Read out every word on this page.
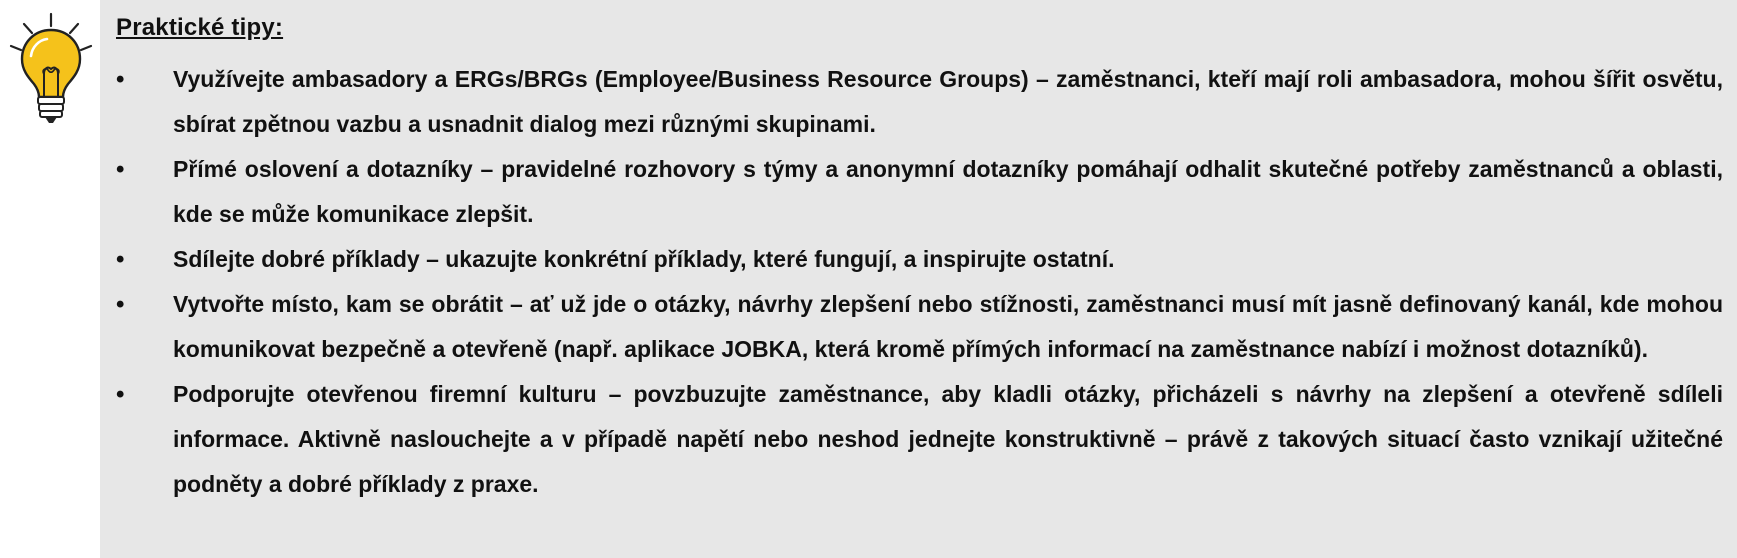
Praktické tipy:
•	Využívejte ambasadory a ERGs/BRGs (Employee/Business Resource Groups) – zaměstnanci, kteří mají roli ambasadora, mohou šířit osvětu, sbírat zpětnou vazbu a usnadnit dialog mezi různými skupinami.
•	Přímé oslovení a dotazníky – pravidelné rozhovory s týmy a anonymní dotazníky pomáhají odhalit skutečné potřeby zaměstnanců a oblasti, kde se může komunikace zlepšit.
•	Sdílejte dobré příklady – ukazujte konkrétní příklady, které fungují, a inspirujte ostatní.
•	Vytvořte místo, kam se obrátit – ať už jde o otázky, návrhy zlepšení nebo stížnosti, zaměstnanci musí mít jasně definovaný kanál, kde mohou komunikovat bezpečně a otevřeně (např. aplikace JOBKA, která kromě přímých informací na zaměstnance nabízí i možnost dotazníků).
•	Podporujte otevřenou firemní kulturu – povzbuzujte zaměstnance, aby kladli otázky, přicházeli s návrhy na zlepšení a otevřeně sdíleli informace. Aktivně naslouchejte a v případě napětí nebo neshod jednejte konstruktivně – právě z takových situací často vznikají užitečné podněty a dobré příklady z praxe.
